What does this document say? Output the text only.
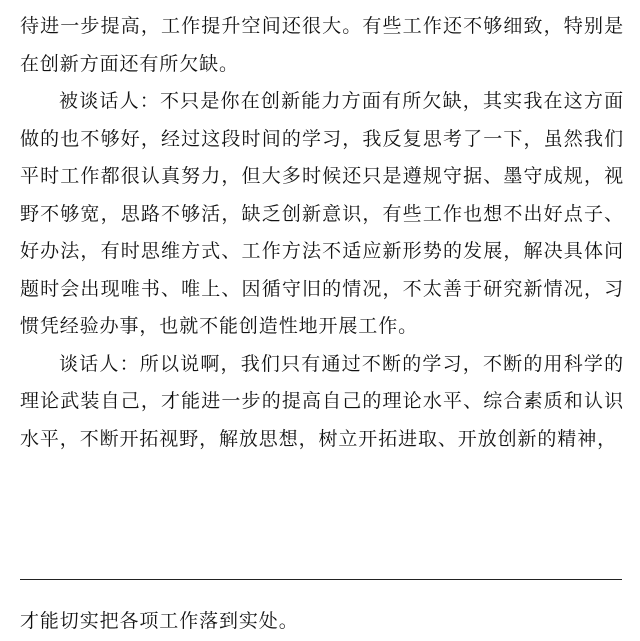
待进一步提高，工作提升空间还很大。有些工作还不够细致，特别是在创新方面还有所欠缺。

被谈话人：不只是你在创新能力方面有所欠缺，其实我在这方面做的也不够好，经过这段时间的学习，我反复思考了一下，虽然我们平时工作都很认真努力，但大多时候还只是遵规守据、墨守成规，视野不够宽，思路不够活，缺乏创新意识，有些工作也想不出好点子、好办法，有时思维方式、工作方法不适应新形势的发展，解决具体问题时会出现唯书、唯上、因循守旧的情况，不太善于研究新情况，习惯凭经验办事，也就不能创造性地开展工作。

谈话人：所以说啊，我们只有通过不断的学习，不断的用科学的理论武装自己，才能进一步的提高自己的理论水平、综合素质和认识水平，不断开拓视野，解放思想，树立开拓进取、开放创新的精神，

才能切实把各项工作落到实处。
